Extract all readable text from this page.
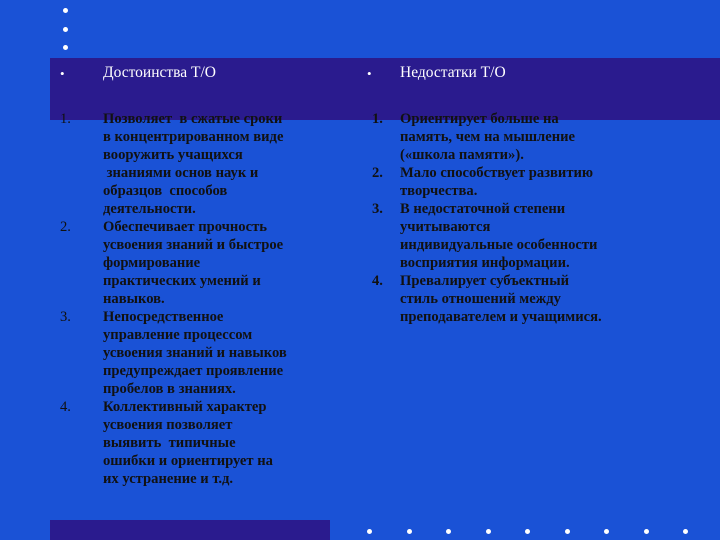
• Достоинства Т/О	• Недостатки Т/О
1. Позволяет  в сжатые сроки
в концентрированном виде
вооружить учащихся
знаниями основ наук и
образцов  способов
деятельности.
2. Обеспечивает прочность
усвоения знаний и быстрое
формирование
практических умений и
навыков.
3. Непосредственное
управление процессом
усвоения знаний и навыков
предупреждает проявление
пробелов в знаниях.
4. Коллективный характер
усвоения позволяет
выявить  типичные
ошибки и ориентирует на
их устранение и т.д.
1. Ориентирует больше на
память, чем на мышление
(«школа памяти»).
2. Мало способствует развитию
творчества.
3. В недостаточной степени
учитываются
индивидуальные особенности
восприятия информации.
4. Превалирует субъектный
стиль отношений между
преподавателем и учащимися.
